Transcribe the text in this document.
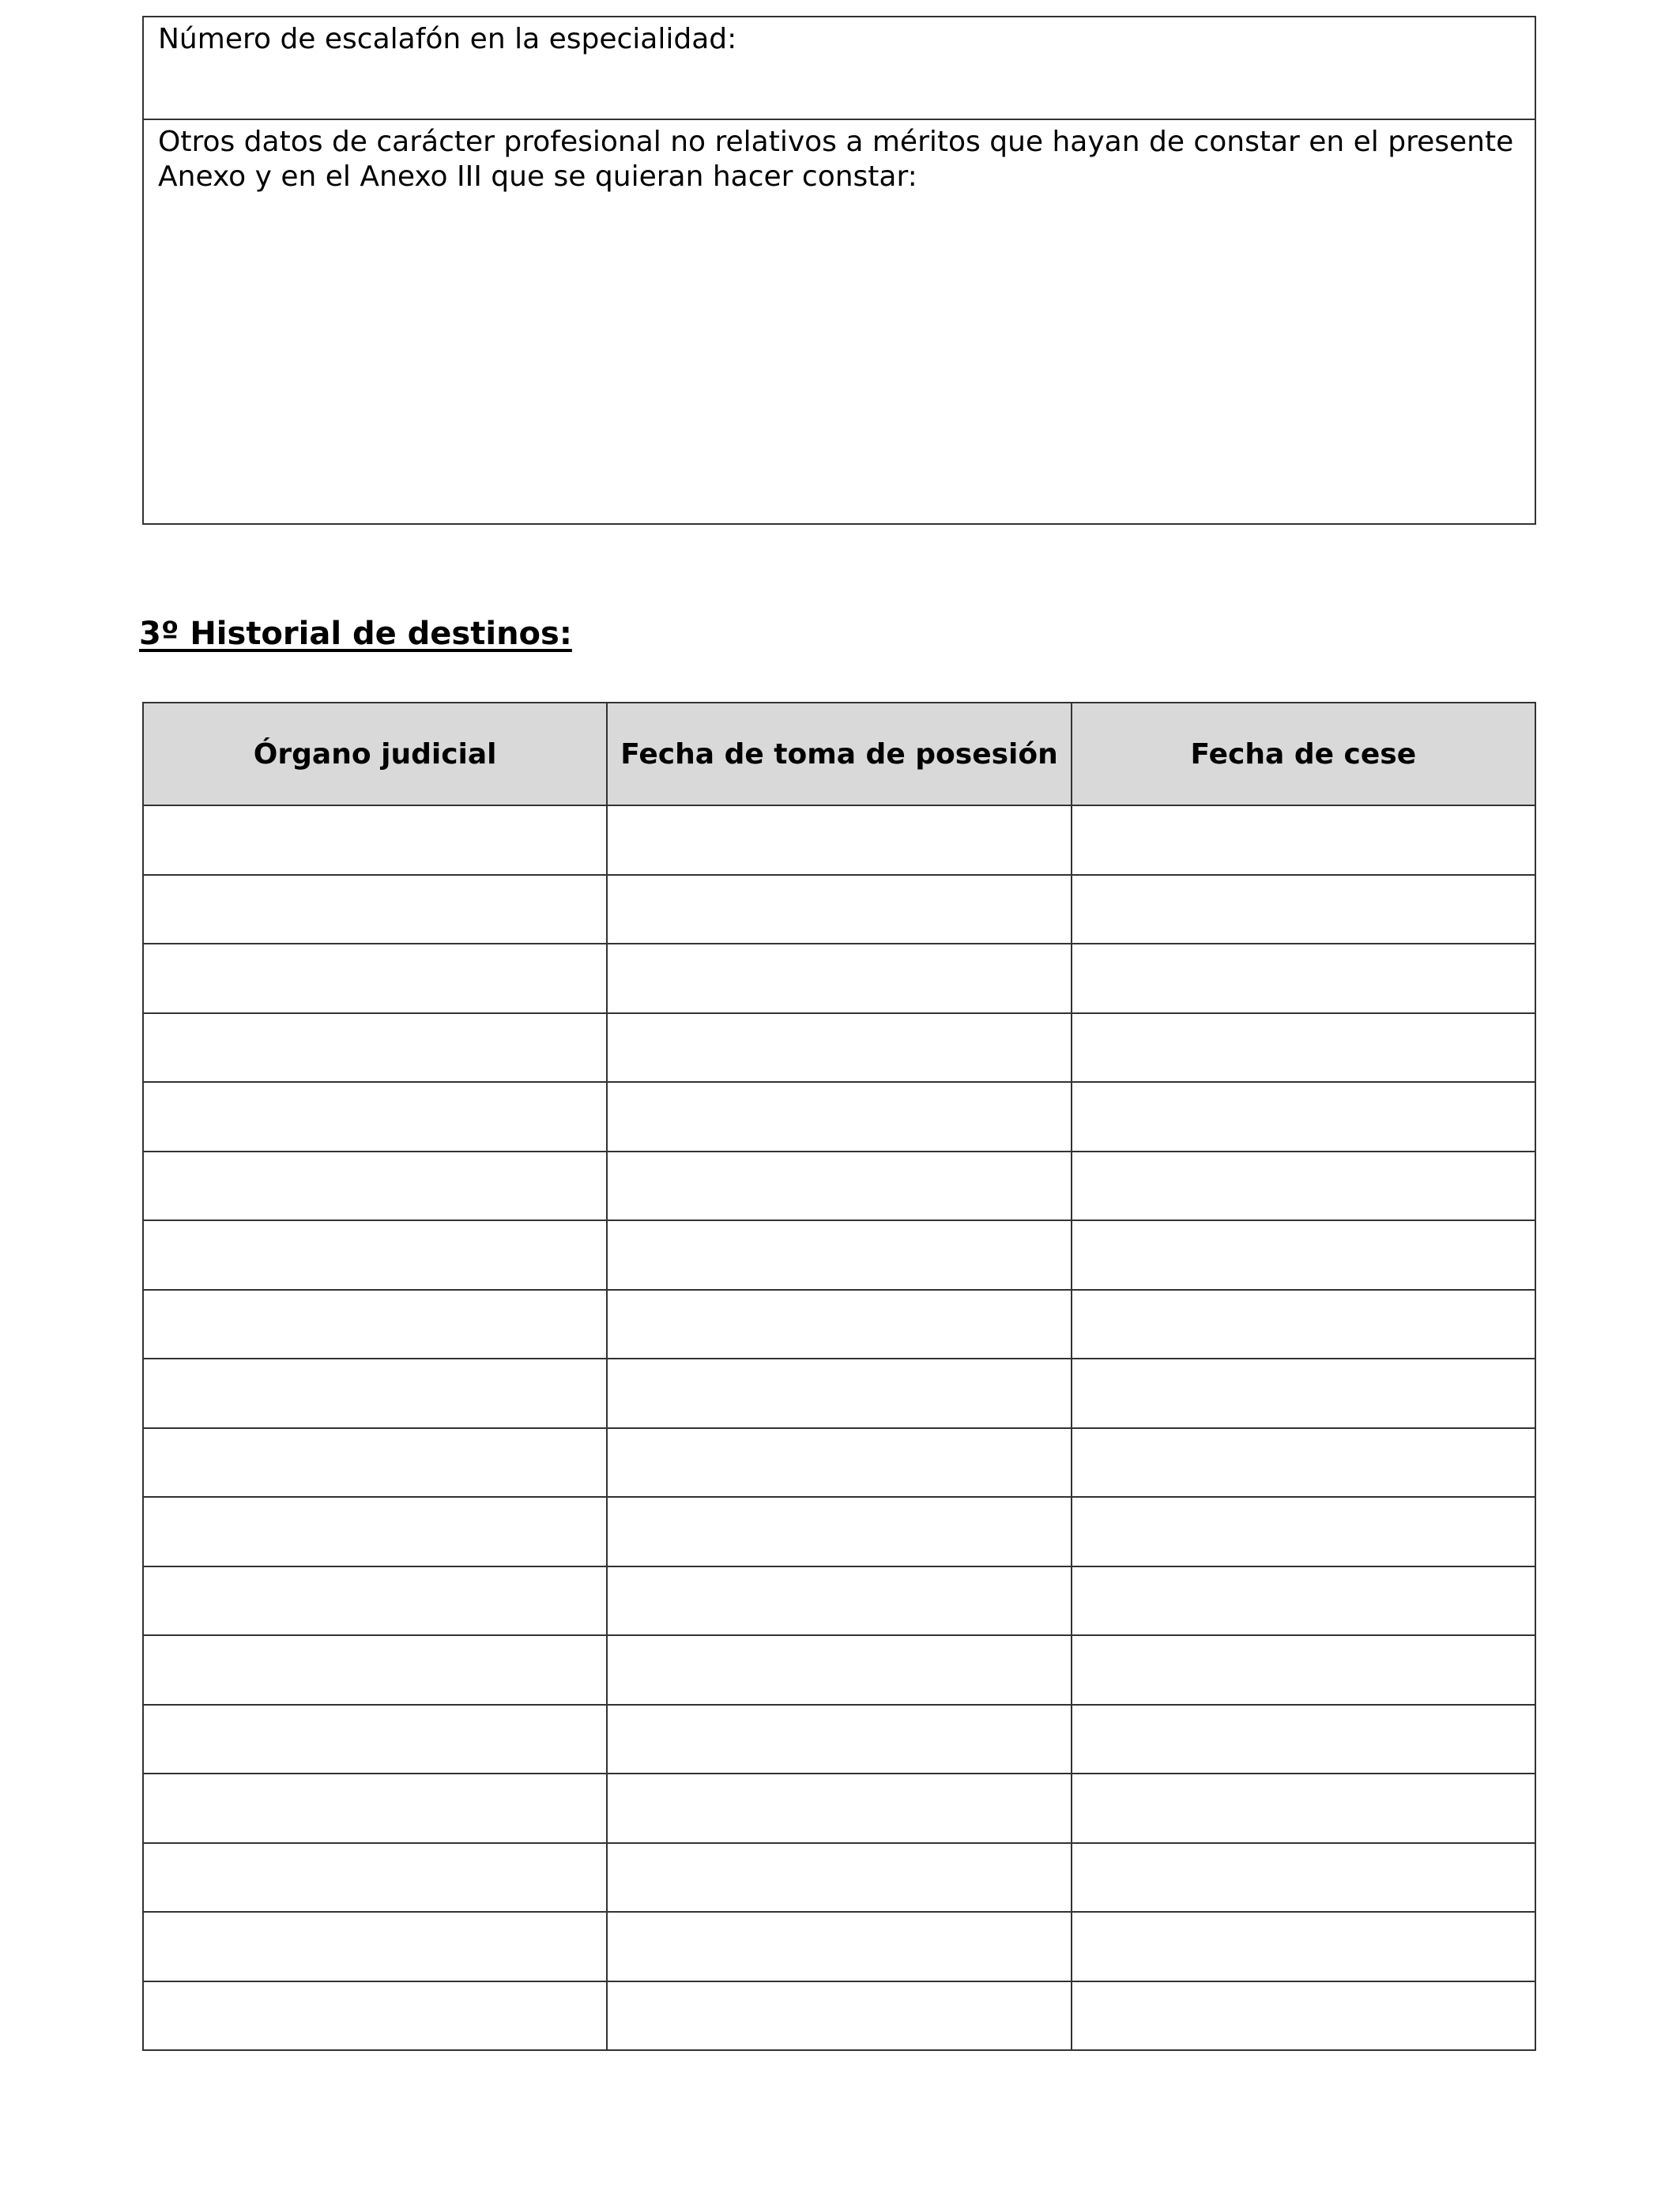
Número de escalafón en la especialidad:
Otros datos de carácter profesional no relativos a méritos que hayan de constar en el presente Anexo y en el Anexo III que se quieran hacer constar:
3º Historial de destinos:
Órgano judicial	Fecha de toma de posesión	Fecha de cese
